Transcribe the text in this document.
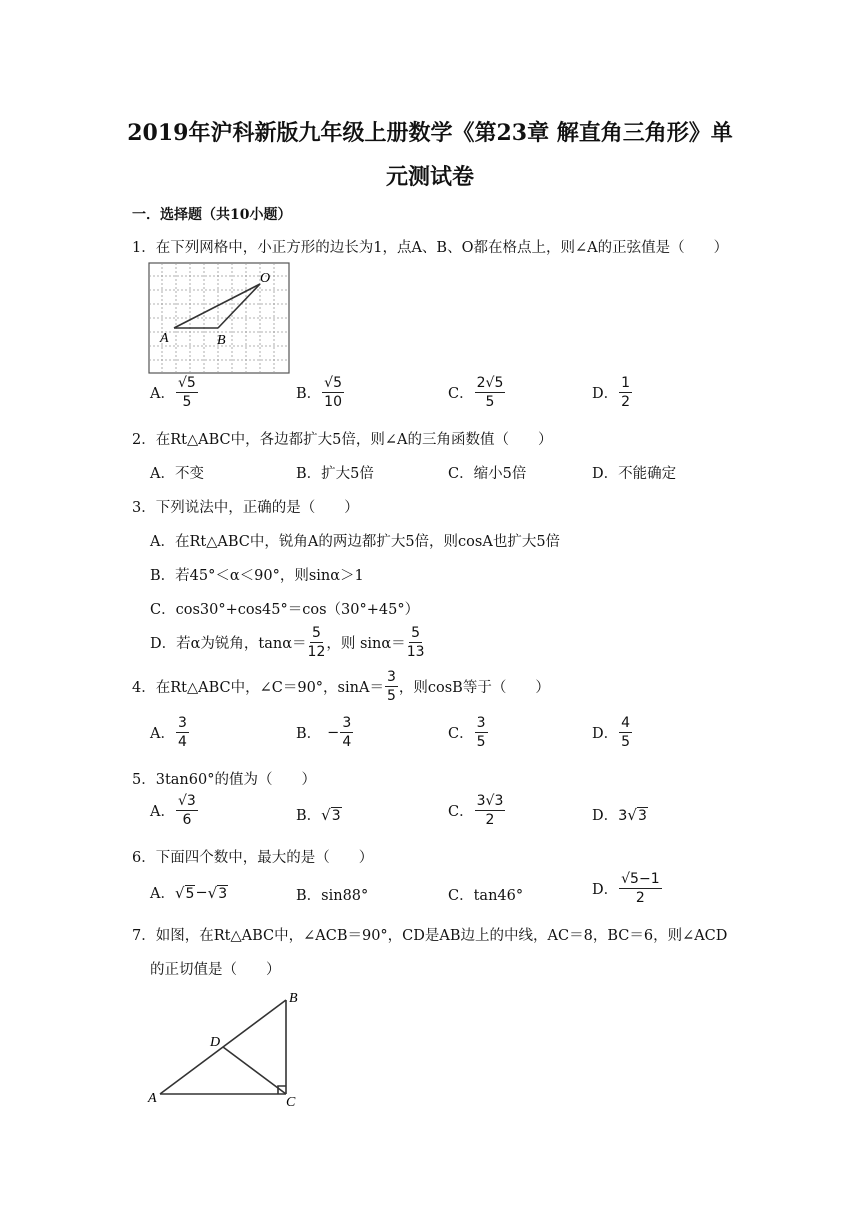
2019年沪科新版九年级上册数学《第23章 解直角三角形》单
元测试卷
一．选择题（共10小题）
1．在下列网格中，小正方形的边长为1，点A、B、O都在格点上，则∠A的正弦值是（　　）
O
A	B
A． $\frac{√5}{5}$	B． $\frac{√5}{10}$	C． $\frac{2√5}{5}$	D． $\frac{1}{2}$
2．在Rt△ABC中，各边都扩大5倍，则∠A的三角函数值（　　）
A．不变	B．扩大5倍	C．缩小5倍	D．不能确定
3．下列说法中，正确的是（　　）
A．在Rt△ABC中，锐角A的两边都扩大5倍，则cosA也扩大5倍
B．若45°＜α＜90°，则sinα＞1
C．cos30°+cos45°＝cos（30°+45°）
D．若α为锐角，$\tan\alpha= \frac{5}{12}$ ，则 $\sin\alpha= \frac{5}{13}$
4．在Rt△ABC中，∠C＝90°，$\sin A= \frac{3}{5}$ ，则cosB等于（　　）
A． $\frac{3}{4}$	B． − $\frac{3}{4}$	C． $\frac{3}{5}$	D． $\frac{4}{5}$
5．3tan60°的值为（　　）
A． $\frac{√3}{6}$	B． √ 3	C． $\frac{3√3}{2}$	D． 3 √ 3
6．下面四个数中，最大的是（　　）
A． √ 5 − √ 3	B．sin88°	C．tan46°	D． $\frac{√5-1}{2}$
7．如图，在Rt△ABC中，∠ACB＝90°，CD是AB边上的中线，AC＝8，BC＝6，则∠ACD
的正切值是（　　）
B
D
A	C
